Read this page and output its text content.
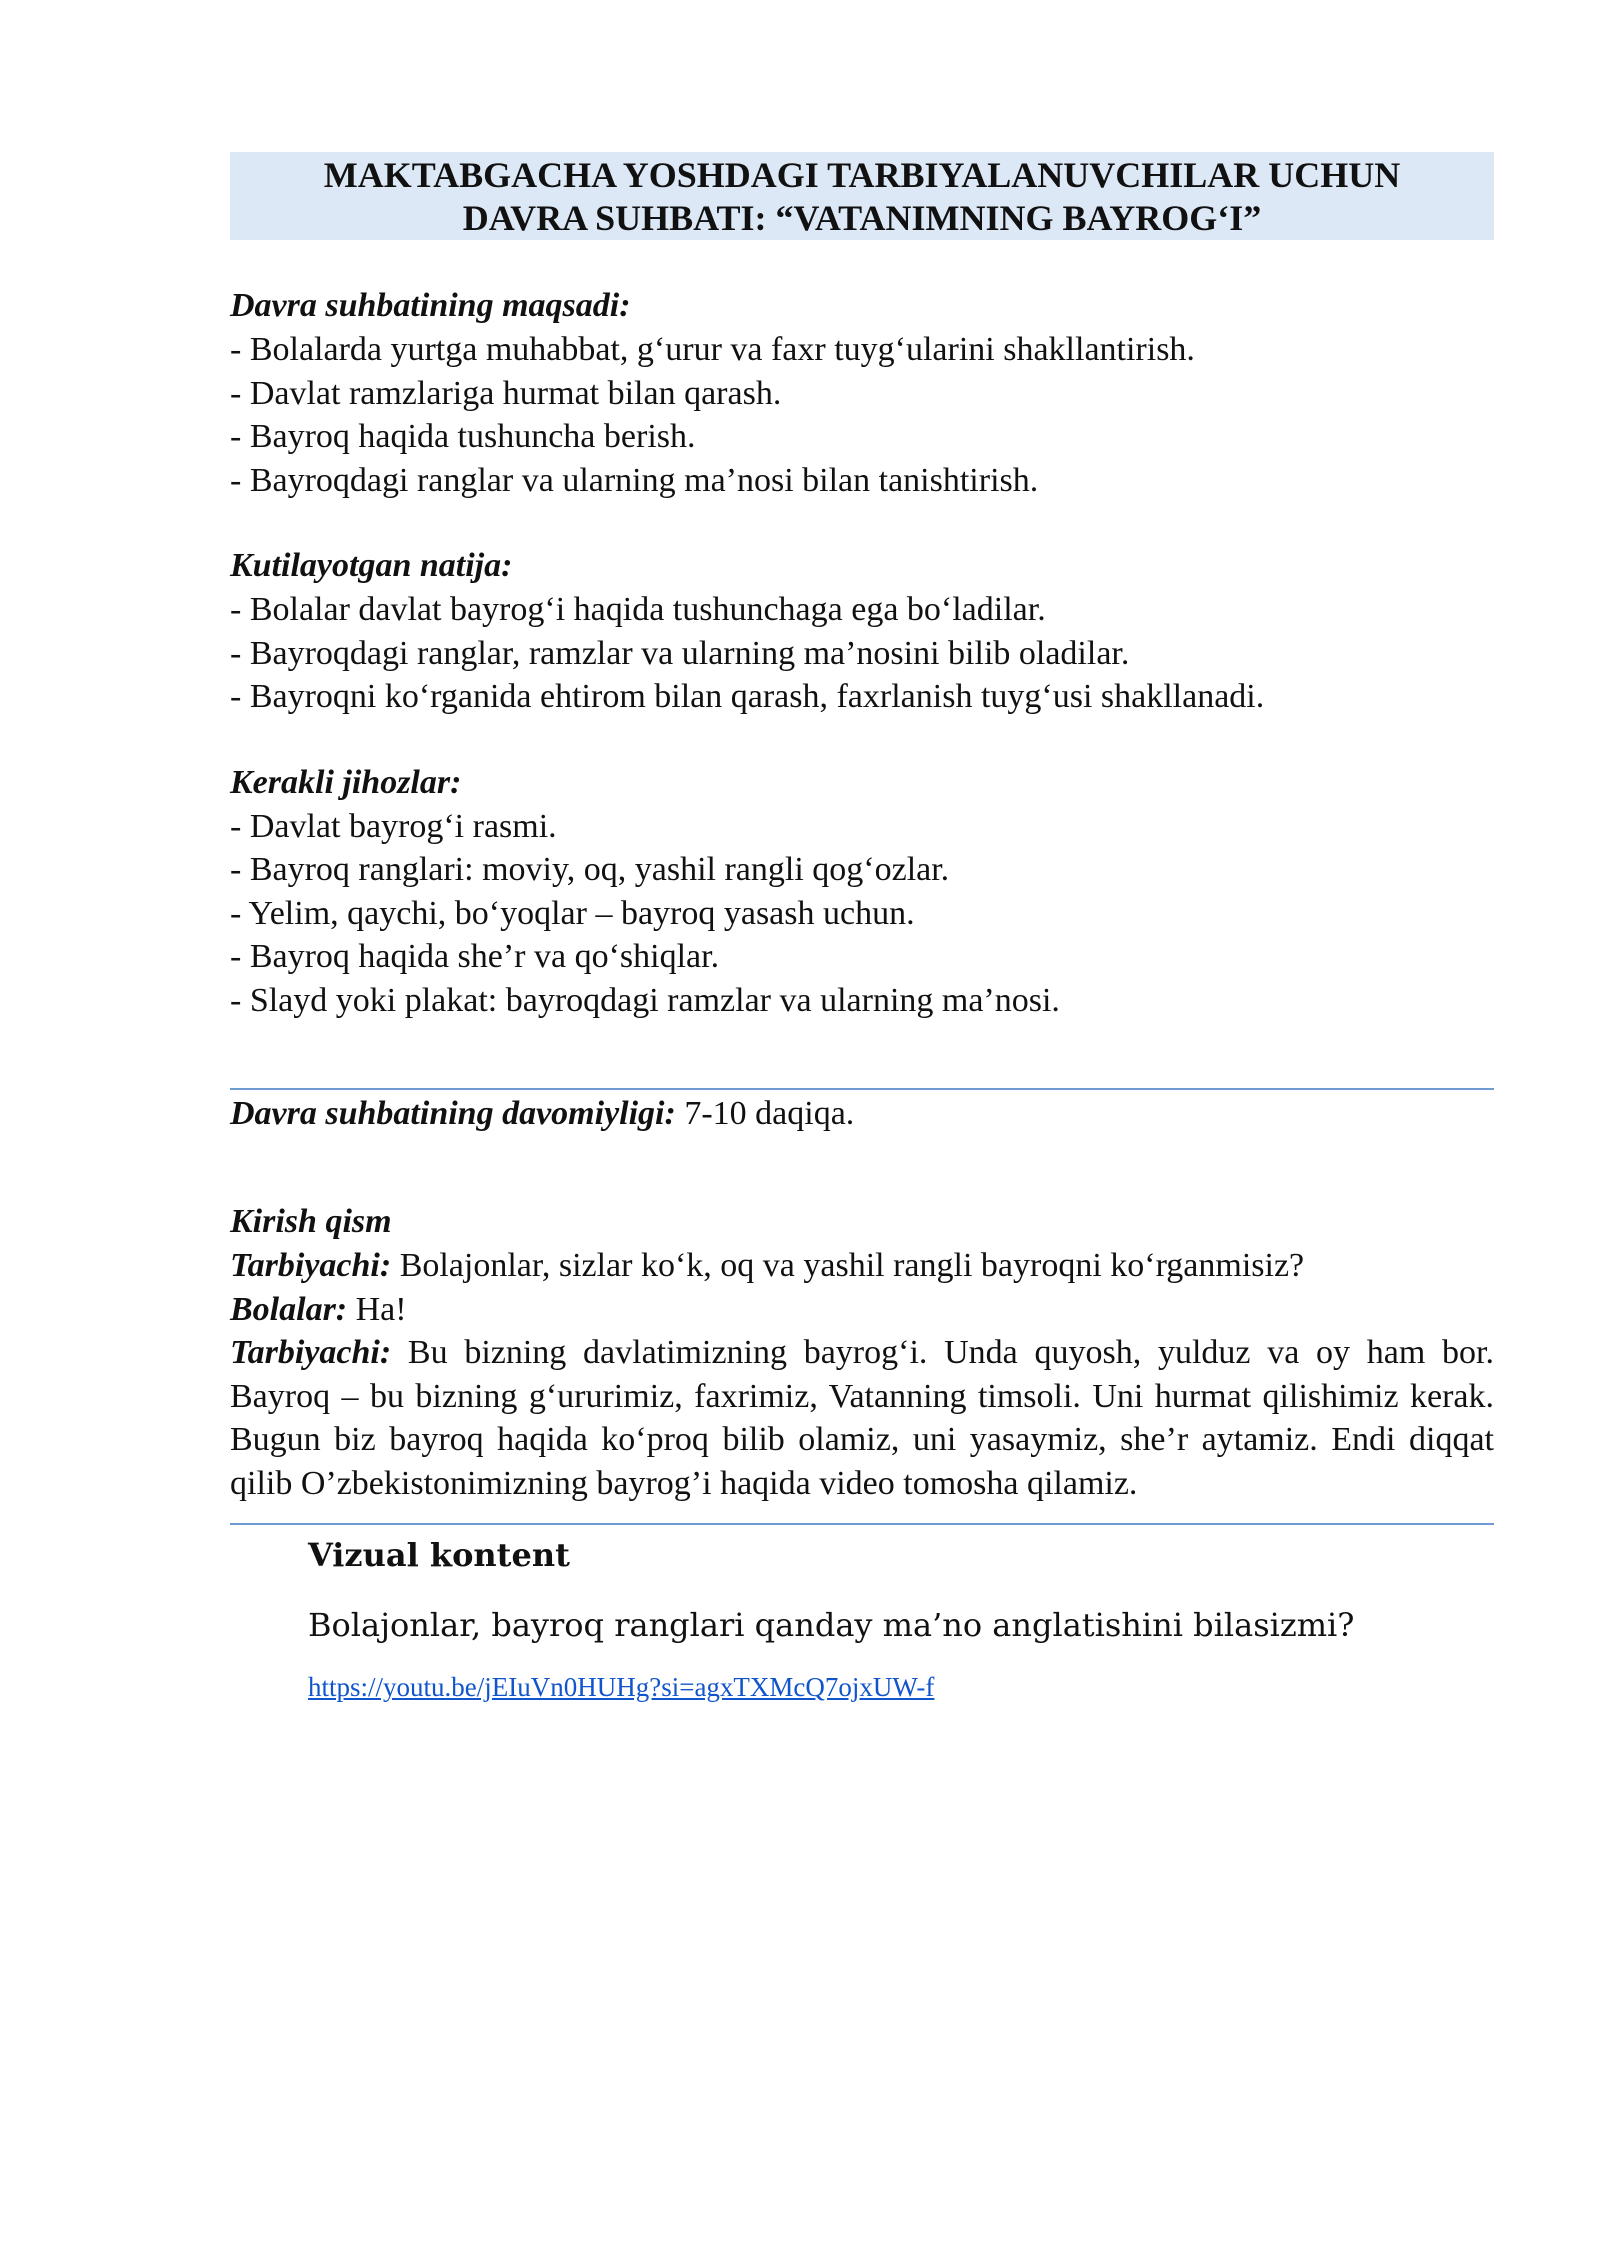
MAKTABGACHA YOSHDAGI TARBIYALANUVCHILAR UCHUN
DAVRA SUHBATI: “VATANIMNING BAYROG‘I”
Davra suhbatining maqsadi:
- Bolalarda yurtga muhabbat, g‘urur va faxr tuyg‘ularini shakllantirish.
- Davlat ramzlariga hurmat bilan qarash.
- Bayroq haqida tushuncha berish.
- Bayroqdagi ranglar va ularning ma’nosi bilan tanishtirish.
Kutilayotgan natija:
- Bolalar davlat bayrog‘i haqida tushunchaga ega bo‘ladilar.
- Bayroqdagi ranglar, ramzlar va ularning ma’nosini bilib oladilar.
- Bayroqni ko‘rganida ehtirom bilan qarash, faxrlanish tuyg‘usi shakllanadi.
Kerakli jihozlar:
- Davlat bayrog‘i rasmi.
- Bayroq ranglari: moviy, oq, yashil rangli qog‘ozlar.
- Yelim, qaychi, bo‘yoqlar – bayroq yasash uchun.
- Bayroq haqida she’r va qo‘shiqlar.
- Slayd yoki plakat: bayroqdagi ramzlar va ularning ma’nosi.
Davra suhbatining davomiyligi: 7-10 daqiqa.
Kirish qism
Tarbiyachi: Bolajonlar, sizlar ko‘k, oq va yashil rangli bayroqni ko‘rganmisiz?
Bolalar: Ha!
Tarbiyachi: Bu bizning davlatimizning bayrog‘i. Unda quyosh, yulduz va oy ham bor. Bayroq – bu bizning g‘ururimiz, faxrimiz, Vatanning timsoli. Uni hurmat qilishimiz kerak. Bugun biz bayroq haqida ko‘proq bilib olamiz, uni yasaymiz, she’r aytamiz. Endi diqqat qilib O’zbekistonimizning bayrog’i haqida video tomosha qilamiz.
Vizual kontent
Bolajonlar, bayroq ranglari qanday ma’no anglatishini bilasizmi?
https://youtu.be/jEIuVn0HUHg?si=agxTXMcQ7ojxUW-f
